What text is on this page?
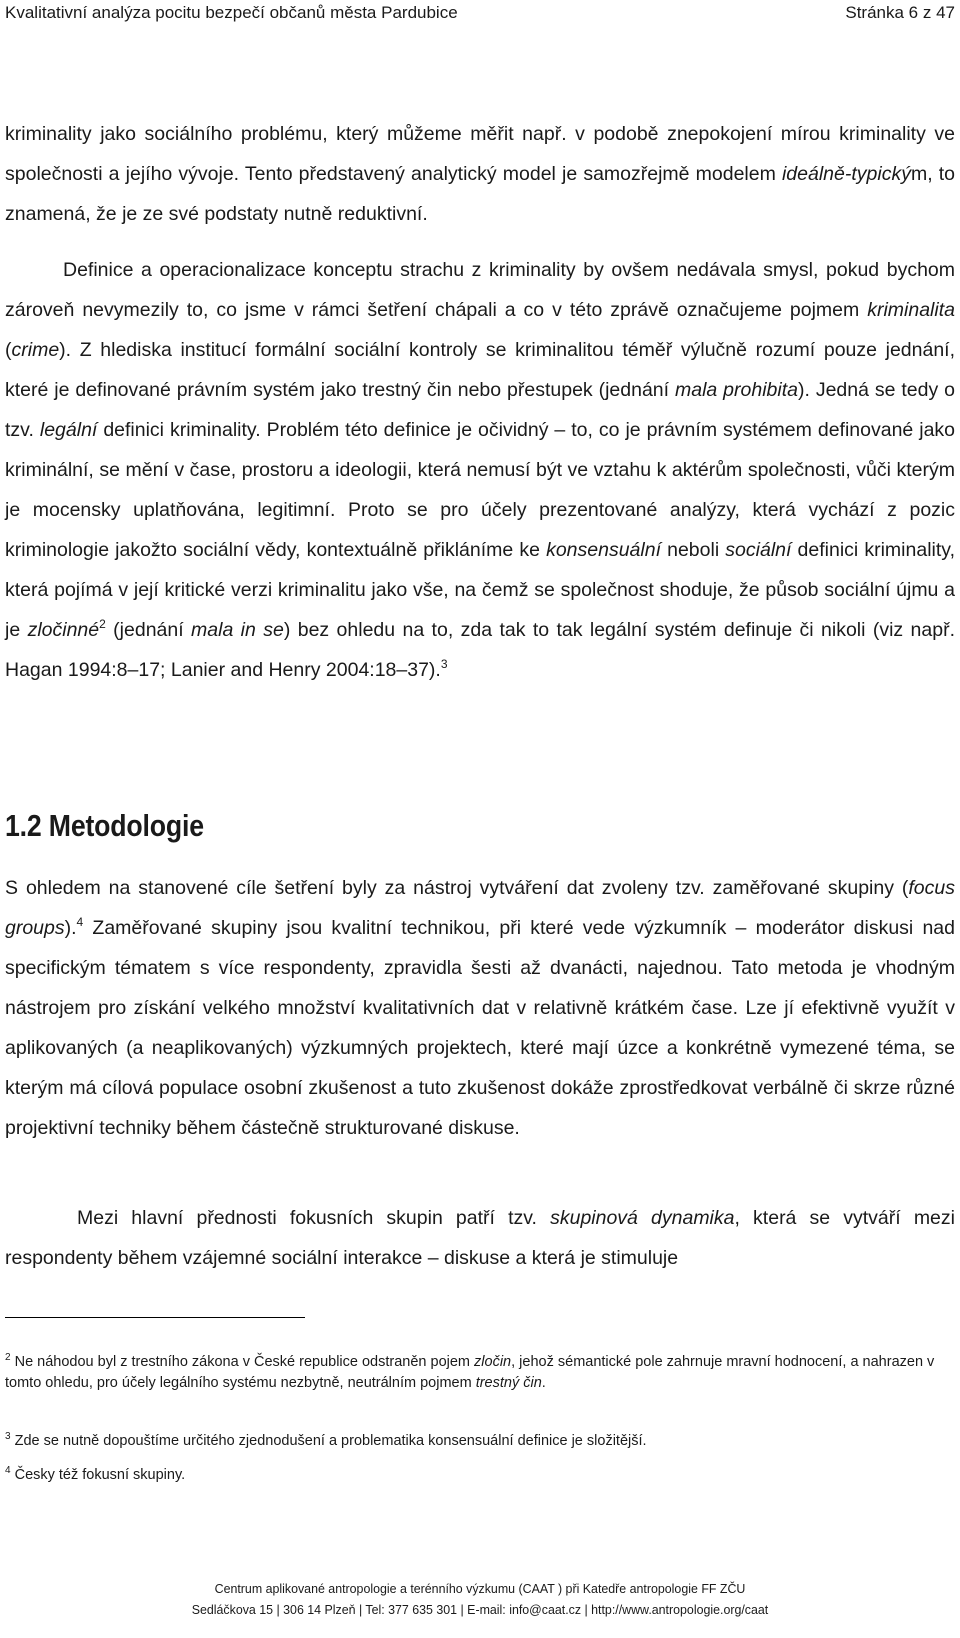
Kvalitativní analýza pocitu bezpečí občanů města Pardubice	Stránka 6 z 47
kriminality jako sociálního problému, který můžeme měřit např. v podobě znepokojení mírou kriminality ve společnosti a jejího vývoje. Tento představený analytický model je samozřejmě modelem ideálně-typickým, to znamená, že je ze své podstaty nutně reduktivní.
Definice a operacionalizace konceptu strachu z kriminality by ovšem nedávala smysl, pokud bychom zároveň nevymezily to, co jsme v rámci šetření chápali a co v této zprávě označujeme pojmem kriminalita (crime). Z hlediska institucí formální sociální kontroly se kriminalitou téměř výlučně rozumí pouze jednání, které je definované právním systém jako trestný čin nebo přestupek (jednání mala prohibita). Jedná se tedy o tzv. legální definici kriminality. Problém této definice je očividný – to, co je právním systémem definované jako kriminální, se mění v čase, prostoru a ideologii, která nemusí být ve vztahu k aktérům společnosti, vůči kterým je mocensky uplatňována, legitimní. Proto se pro účely prezentované analýzy, která vychází z pozic kriminologie jakožto sociální vědy, kontextuálně přikláníme ke konsensuální neboli sociální definici kriminality, která pojímá v její kritické verzi kriminalitu jako vše, na čemž se společnost shoduje, že působ sociální újmu a je zločinné$^2$ (jednání mala in se) bez ohledu na to, zda tak to tak legální systém definuje či nikoli (viz např. Hagan 1994:8–17; Lanier and Henry 2004:18–37).$^3$
1.2 Metodologie
S ohledem na stanovené cíle šetření byly za nástroj vytváření dat zvoleny tzv. zaměřované skupiny (focus groups).$^4$ Zaměřované skupiny jsou kvalitní technikou, při které vede výzkumník – moderátor diskusi nad specifickým tématem s více respondenty, zpravidla šesti až dvanácti, najednou. Tato metoda je vhodným nástrojem pro získání velkého množství kvalitativních dat v relativně krátkém čase. Lze jí efektivně využít v aplikovaných (a neaplikovaných) výzkumných projektech, které mají úzce a konkrétně vymezené téma, se kterým má cílová populace osobní zkušenost a tuto zkušenost dokáže zprostředkovat verbálně či skrze různé projektivní techniky během částečně strukturované diskuse.
Mezi hlavní přednosti fokusních skupin patří tzv. skupinová dynamika, která se vytváří mezi respondenty během vzájemné sociální interakce – diskuse a která je stimuluje
$^2$ Ne náhodou byl z trestního zákona v České republice odstraněn pojem zločin, jehož sémantické pole zahrnuje mravní hodnocení, a nahrazen v tomto ohledu, pro účely legálního systému nezbytně, neutrálním pojmem trestný čin.
$^3$ Zde se nutně dopouštíme určitého zjednodušení a problematika konsensuální definice je složitější.
$^4$ Česky též fokusní skupiny.
Centrum aplikované antropologie a terénního výzkumu (CAAT ) při Katedře antropologie FF ZČU
Sedláčkova 15 | 306 14 Plzeň | Tel: 377 635 301 | E-mail: info@caat.cz | http://www.antropologie.org/caat
